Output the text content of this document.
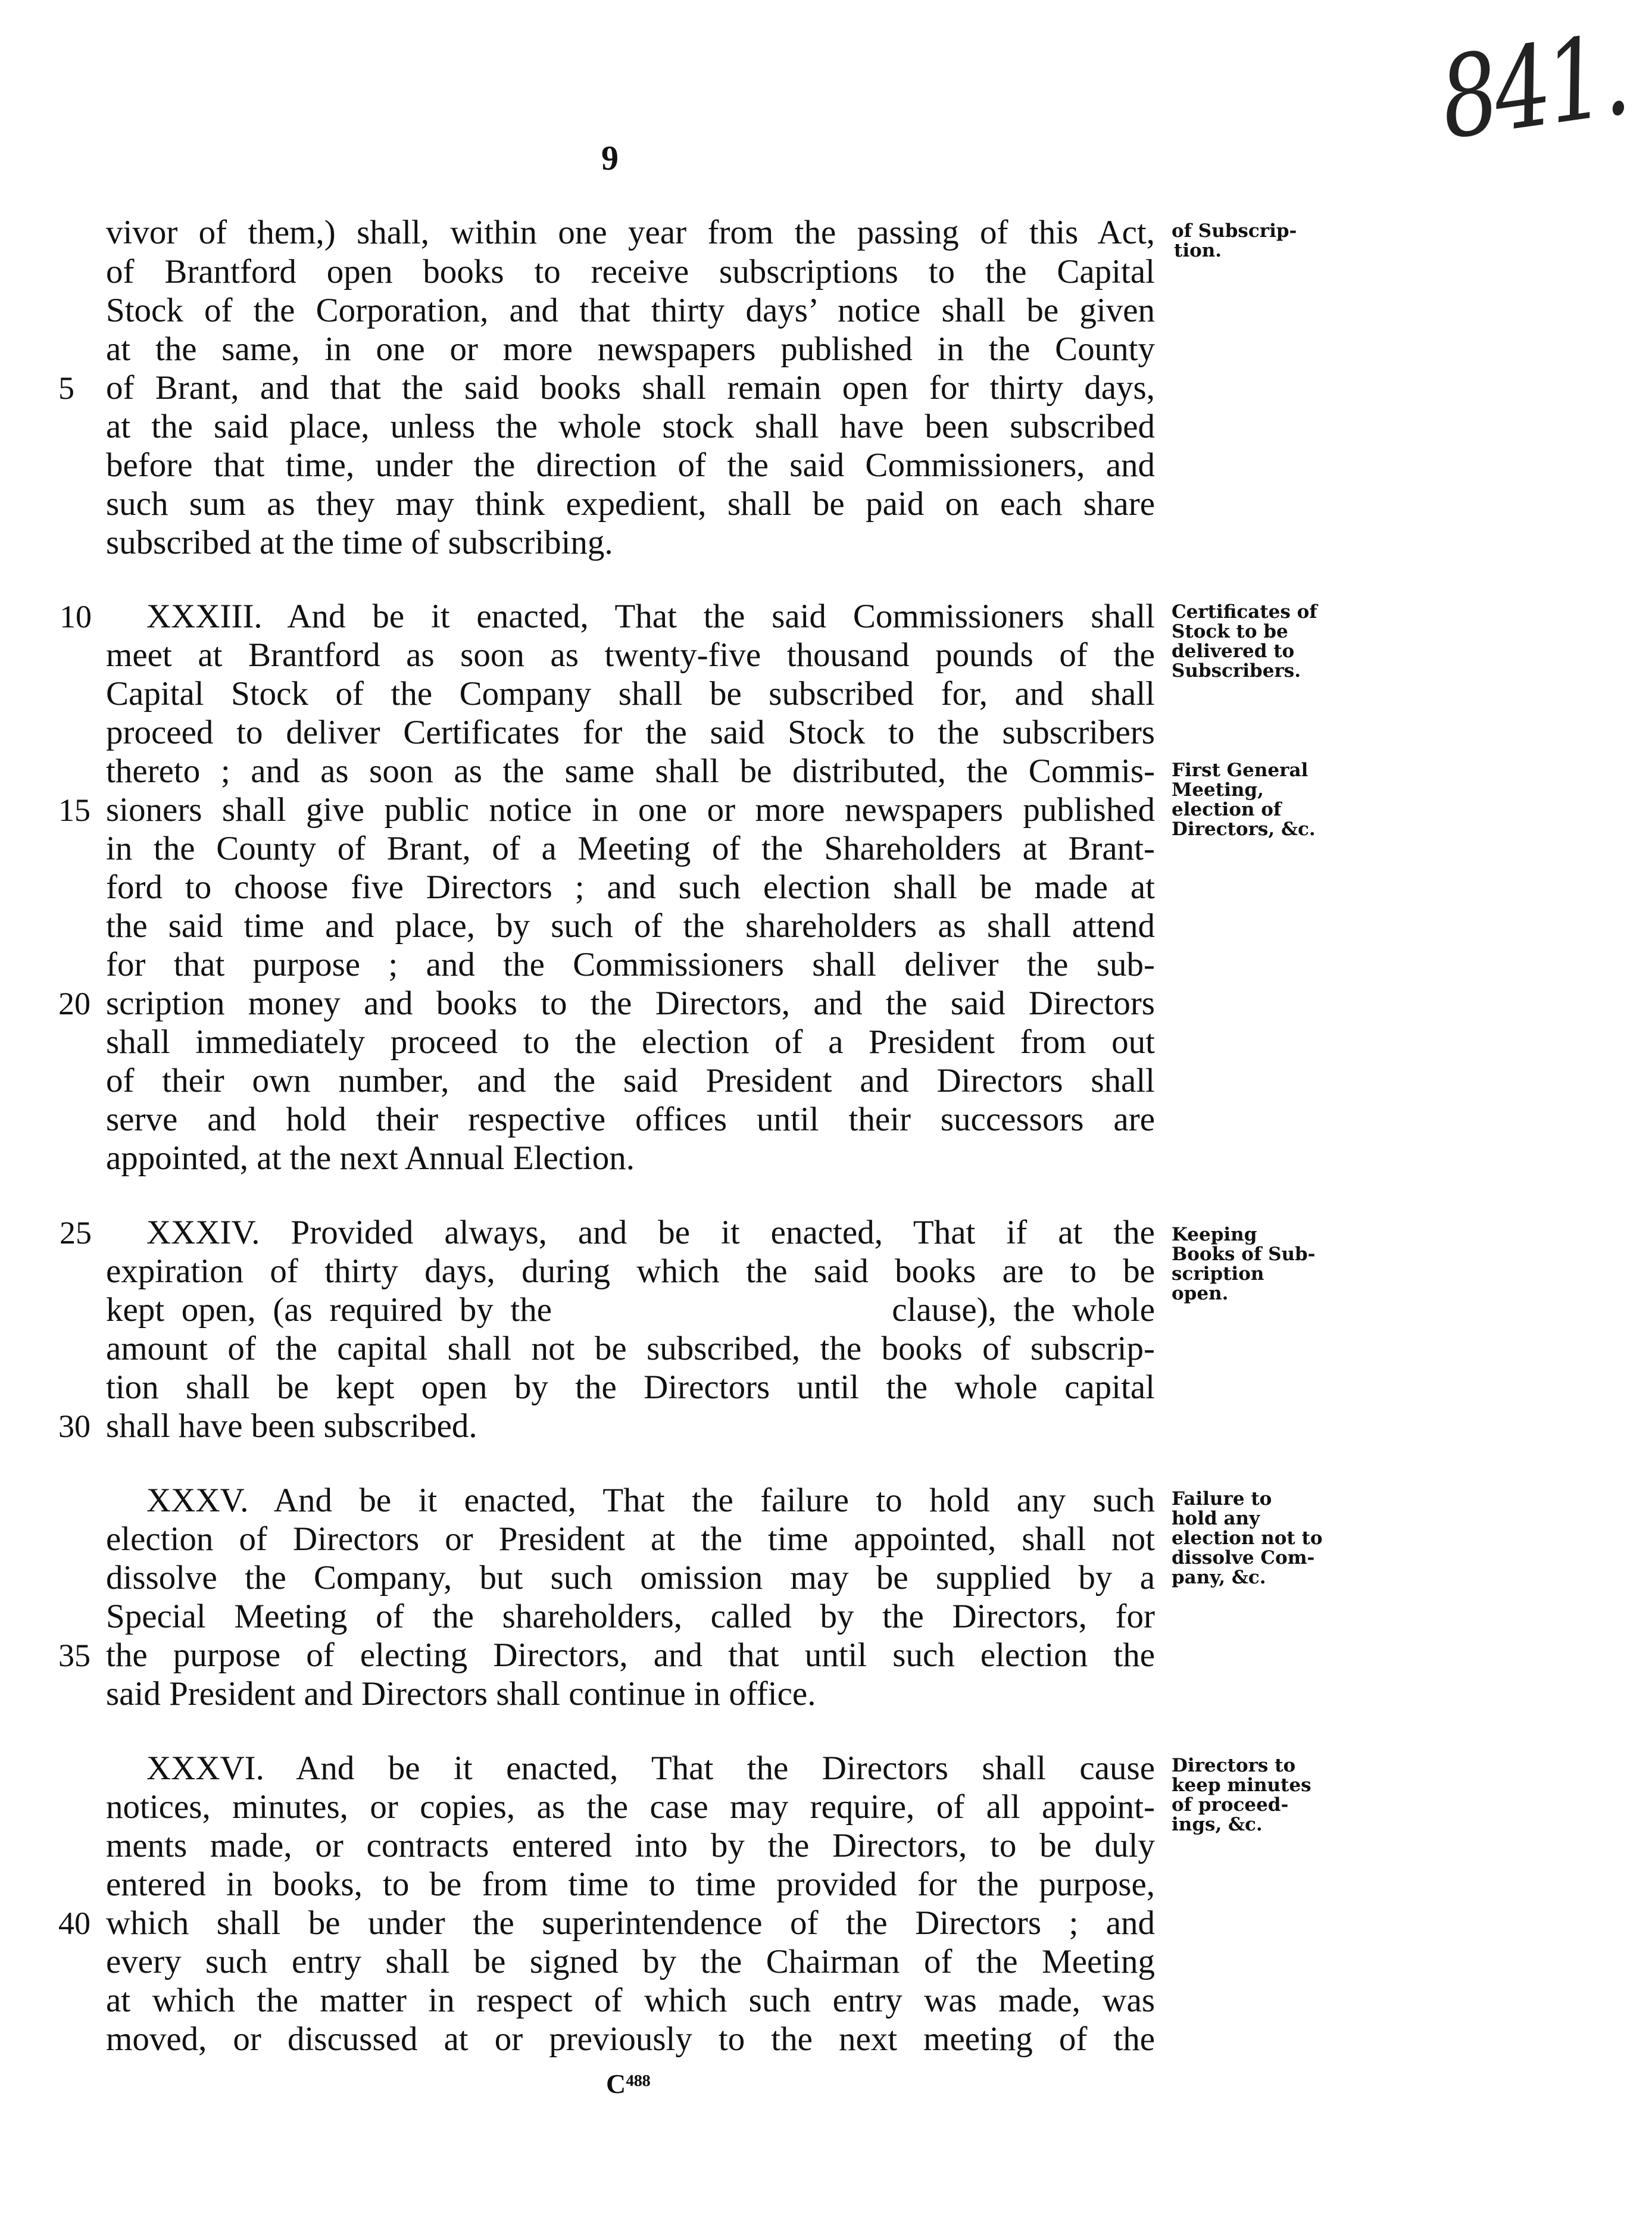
9	841.
vivor of them,) shall, within one year from the passing of this Act,
of Brantford open books to receive subscriptions to the Capital
Stock of the Corporation, and that thirty days’ notice shall be given
at the same, in one or more newspapers published in the County
of Brant, and that the said books shall remain open for thirty days,
at the said place, unless the whole stock shall have been subscribed
before that time, under the direction of the said Commissioners, and
such sum as they may think expedient, shall be paid on each share
subscribed at the time of subscribing.
XXXIII. And be it enacted, That the said Commissioners shall
meet at Brantford as soon as twenty-five thousand pounds of the
Capital Stock of the Company shall be subscribed for, and shall
proceed to deliver Certificates for the said Stock to the subscribers
thereto ; and as soon as the same shall be distributed, the Commis-
sioners shall give public notice in one or more newspapers published
in the County of Brant, of a Meeting of the Shareholders at Brant-
ford to choose five Directors ; and such election shall be made at
the said time and place, by such of the shareholders as shall attend
for that purpose ; and the Commissioners shall deliver the sub-
scription money and books to the Directors, and the said Directors
shall immediately proceed to the election of a President from out
of their own number, and the said President and Directors shall
serve and hold their respective offices until their successors are
appointed, at the next Annual Election.
XXXIV. Provided always, and be it enacted, That if at the
expiration of thirty days, during which the said books are to be
kept open, (as required by the                    clause), the whole
amount of the capital shall not be subscribed, the books of subscrip-
tion shall be kept open by the Directors until the whole capital
shall have been subscribed.
XXXV. And be it enacted, That the failure to hold any such
election of Directors or President at the time appointed, shall not
dissolve the Company, but such omission may be supplied by a
Special Meeting of the shareholders, called by the Directors, for
the purpose of electing Directors, and that until such election the
said President and Directors shall continue in office.
XXXVI. And be it enacted, That the Directors shall cause
notices, minutes, or copies, as the case may require, of all appoint-
ments made, or contracts entered into by the Directors, to be duly
entered in books, to be from time to time provided for the purpose,
which shall be under the superintendence of the Directors ; and
every such entry shall be signed by the Chairman of the Meeting
at which the matter in respect of which such entry was made, was
moved, or discussed at or previously to the next meeting of the
5
10
15
20
25
30
35
40
of Subscrip-
tion.
Certificates of
Stock to be
delivered to
Subscribers.
First General
Meeting,
election of
Directors, &c.
Keeping
Books of Sub-
scription
open.
Failure to
hold any
election not to
dissolve Com-
pany, &c.
Directors to
keep minutes
of proceed-
ings, &c.
C⁴⁸⁸
